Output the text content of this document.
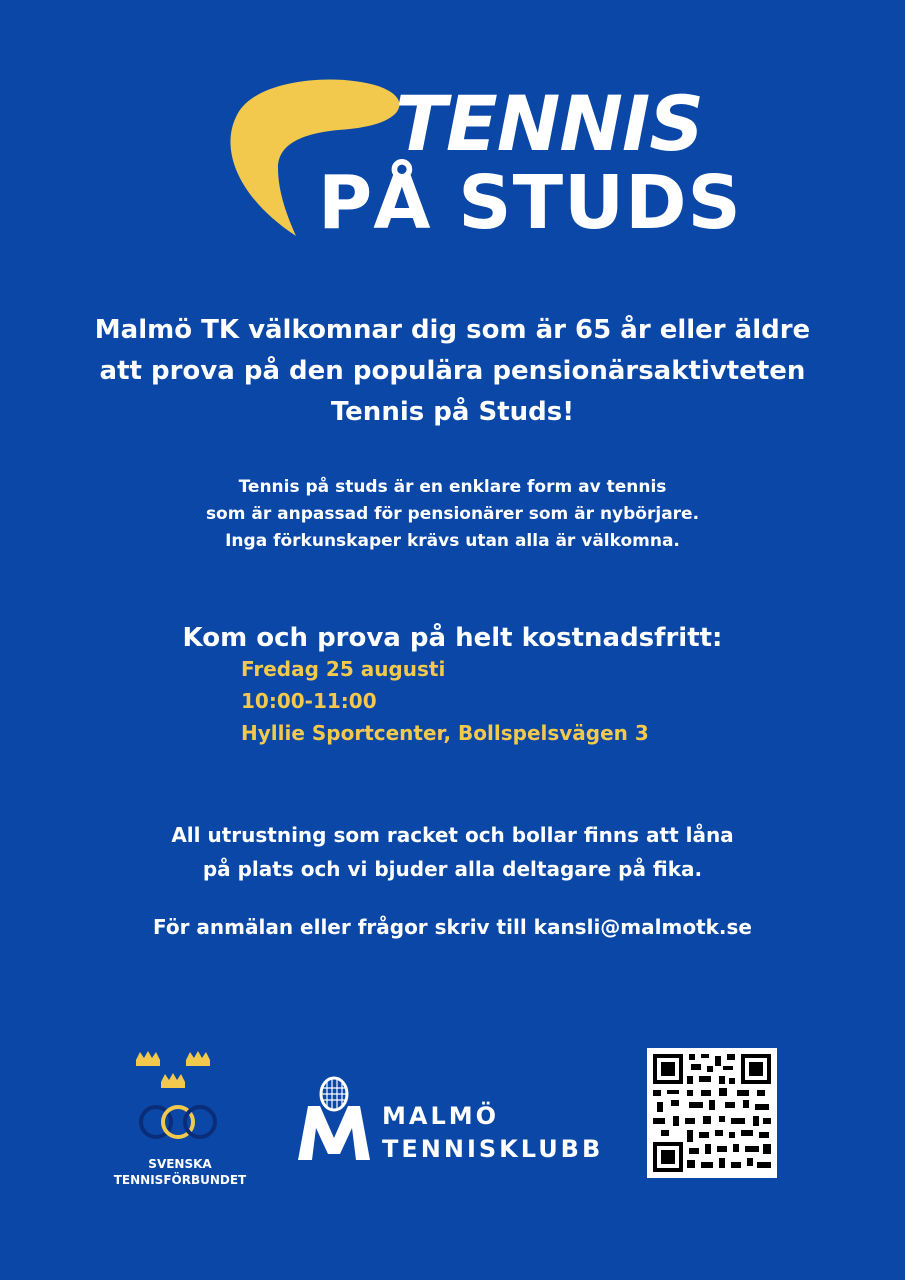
TENNIS
PÅ STUDS
Malmö TK välkomnar dig som är 65 år eller äldre
att prova på den populära pensionärsaktivteten
Tennis på Studs!
Tennis på studs är en enklare form av tennis
som är anpassad för pensionärer som är nybörjare.
Inga förkunskaper krävs utan alla är välkomna.
Kom och prova på helt kostnadsfritt:
Fredag 25 augusti
10:00-11:00
Hyllie Sportcenter, Bollspelsvägen 3
All utrustning som racket och bollar finns att låna
på plats och vi bjuder alla deltagare på fika.
För anmälan eller frågor skriv till kansli@malmotk.se
SVENSKA
TENNISFÖRBUNDET
MALMÖ
TENNISKLUBB
